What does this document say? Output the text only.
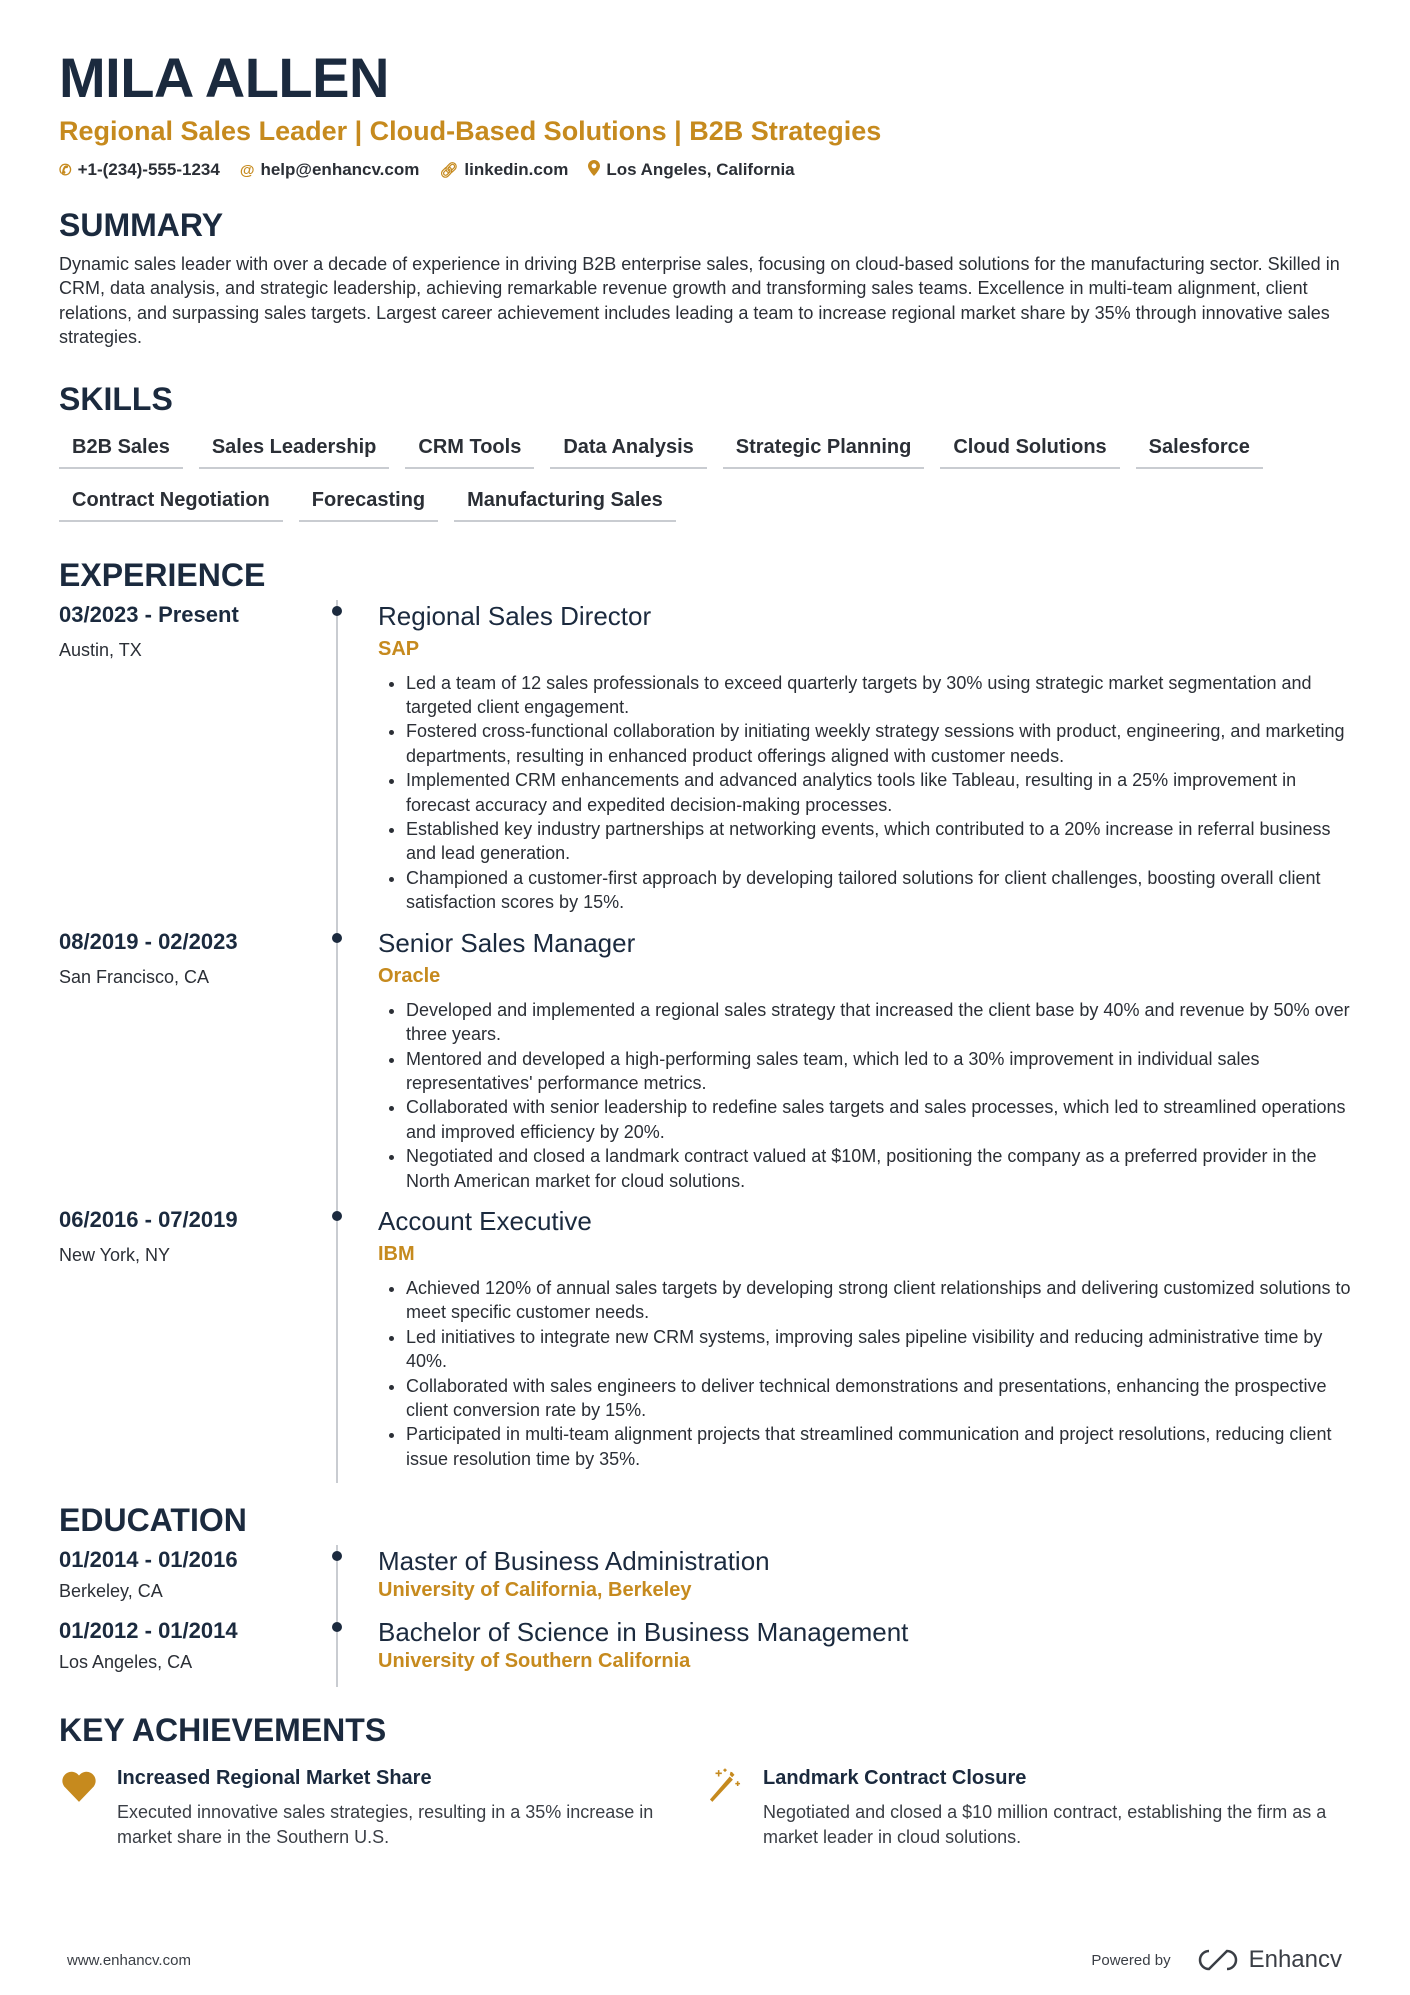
MILA ALLEN
Regional Sales Leader | Cloud-Based Solutions | B2B Strategies
✆ +1-(234)-555-1234 @ help@enhancv.com 🔗︎ linkedin.com Los Angeles, California
SUMMARY

Dynamic sales leader with over a decade of experience in driving B2B enterprise sales, focusing on cloud-based solutions for the manufacturing sector. Skilled in CRM, data analysis, and strategic leadership, achieving remarkable revenue growth and transforming sales teams. Excellence in multi-team alignment, client relations, and surpassing sales targets. Largest career achievement includes leading a team to increase regional market share by 35% through innovative sales strategies.

SKILLS
B2B Sales	Sales Leadership	CRM Tools	Data Analysis	Strategic Planning	Cloud Solutions	Salesforce
Contract Negotiation	Forecasting	Manufacturing Sales
EXPERIENCE
03/2023 - Present
Austin, TX
Regional Sales Director
SAP
• Led a team of 12 sales professionals to exceed quarterly targets by 30% using strategic market segmentation and targeted client engagement.
• Fostered cross-functional collaboration by initiating weekly strategy sessions with product, engineering, and marketing departments, resulting in enhanced product offerings aligned with customer needs.
• Implemented CRM enhancements and advanced analytics tools like Tableau, resulting in a 25% improvement in forecast accuracy and expedited decision-making processes.
• Established key industry partnerships at networking events, which contributed to a 20% increase in referral business and lead generation.
• Championed a customer-first approach by developing tailored solutions for client challenges, boosting overall client satisfaction scores by 15%.
08/2019 - 02/2023
San Francisco, CA
Senior Sales Manager
Oracle
• Developed and implemented a regional sales strategy that increased the client base by 40% and revenue by 50% over three years.
• Mentored and developed a high-performing sales team, which led to a 30% improvement in individual sales representatives' performance metrics.
• Collaborated with senior leadership to redefine sales targets and sales processes, which led to streamlined operations and improved efficiency by 20%.
• Negotiated and closed a landmark contract valued at $10M, positioning the company as a preferred provider in the North American market for cloud solutions.
06/2016 - 07/2019
New York, NY
Account Executive
IBM
• Achieved 120% of annual sales targets by developing strong client relationships and delivering customized solutions to meet specific customer needs.
• Led initiatives to integrate new CRM systems, improving sales pipeline visibility and reducing administrative time by 40%.
• Collaborated with sales engineers to deliver technical demonstrations and presentations, enhancing the prospective client conversion rate by 15%.
• Participated in multi-team alignment projects that streamlined communication and project resolutions, reducing client issue resolution time by 35%.
EDUCATION
01/2014 - 01/2016
Berkeley, CA
Master of Business Administration
University of California, Berkeley
01/2012 - 01/2014
Los Angeles, CA
Bachelor of Science in Business Management
University of Southern California
KEY ACHIEVEMENTS
Increased Regional Market Share
Executed innovative sales strategies, resulting in a 35% increase in market share in the Southern U.S.
Landmark Contract Closure
Negotiated and closed a $10 million contract, establishing the firm as a market leader in cloud solutions.
www.enhancv.com	Powered by	Enhancv
